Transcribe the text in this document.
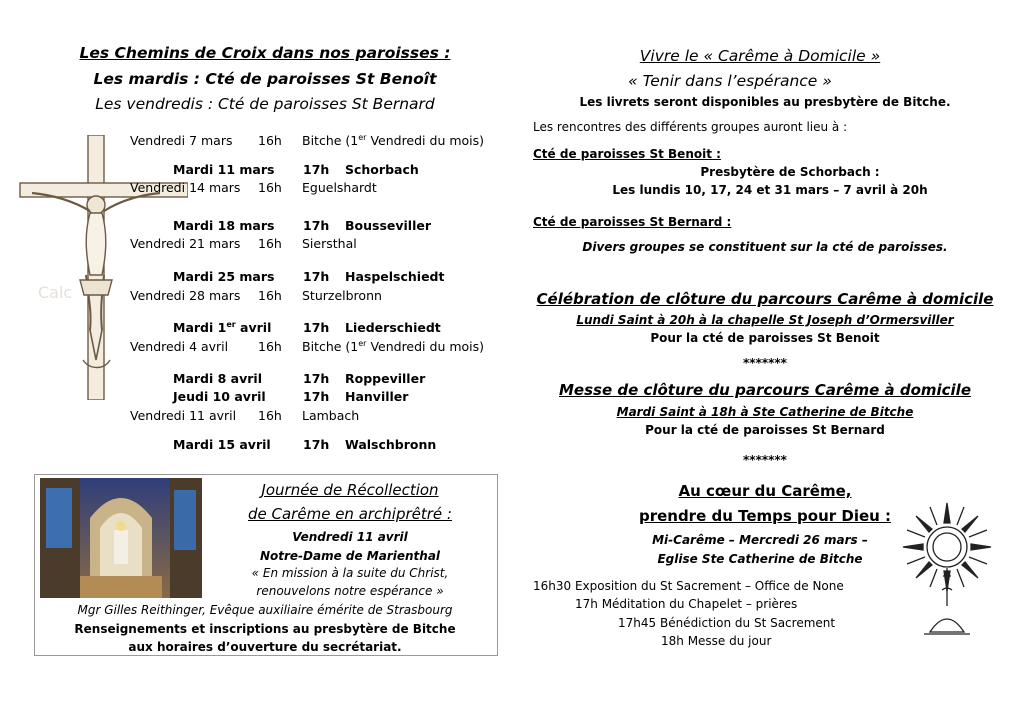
Les Chemins de Croix dans nos paroisses :
Les mardis : Cté de paroisses St Benoît
Les vendredis : Cté de paroisses St Bernard
Calc
Vendredi 7 mars 16h Bitche (1er Vendredi du mois)
Mardi 11 mars 17h Schorbach
Vendredi 14 mars 16h Eguelshardt
Mardi 18 mars 17h Bousseviller
Vendredi 21 mars 16h Siersthal
Mardi 25 mars 17h Haspelschiedt
Vendredi 28 mars 16h Sturzelbronn
Mardi 1er avril	17h Liederschiedt
Vendredi 4 avril 16h Bitche (1er Vendredi du mois)
Mardi 8 avril	17h Roppeviller
Jeudi 10 avril	17h Hanviller
Vendredi 11 avril 16h Lambach
Mardi 15 avril	17h Walschbronn
Journée de Récollection
de Carême en archiprêtré :
Vendredi 11 avril
Notre-Dame de Marienthal
« En mission à la suite du Christ,
renouvelons notre espérance »
Mgr Gilles Reithinger, Evêque auxiliaire émérite de Strasbourg
Renseignements et inscriptions au presbytère de Bitche
aux horaires d’ouverture du secrétariat.
Vivre le « Carême à Domicile »
« Tenir dans l’espérance »
Les livrets seront disponibles au presbytère de Bitche.
Les rencontres des différents groupes auront lieu à :
Cté de paroisses St Benoit :
Presbytère de Schorbach :
Les lundis 10, 17, 24 et 31 mars – 7 avril à 20h
Cté de paroisses St Bernard :
Divers groupes se constituent sur la cté de paroisses.
Célébration de clôture du parcours Carême à domicile
Lundi Saint à 20h à la chapelle St Joseph d’Ormersviller
Pour la cté de paroisses St Benoit
*******
Messe de clôture du parcours Carême à domicile
Mardi Saint à 18h à Ste Catherine de Bitche
Pour la cté de paroisses St Bernard
*******
Au cœur du Carême,
prendre du Temps pour Dieu :
Mi-Carême – Mercredi 26 mars –
Eglise Ste Catherine de Bitche
16h30 Exposition du St Sacrement – Office de None
17h Méditation du Chapelet – prières
17h45 Bénédiction du St Sacrement
18h Messe du jour
